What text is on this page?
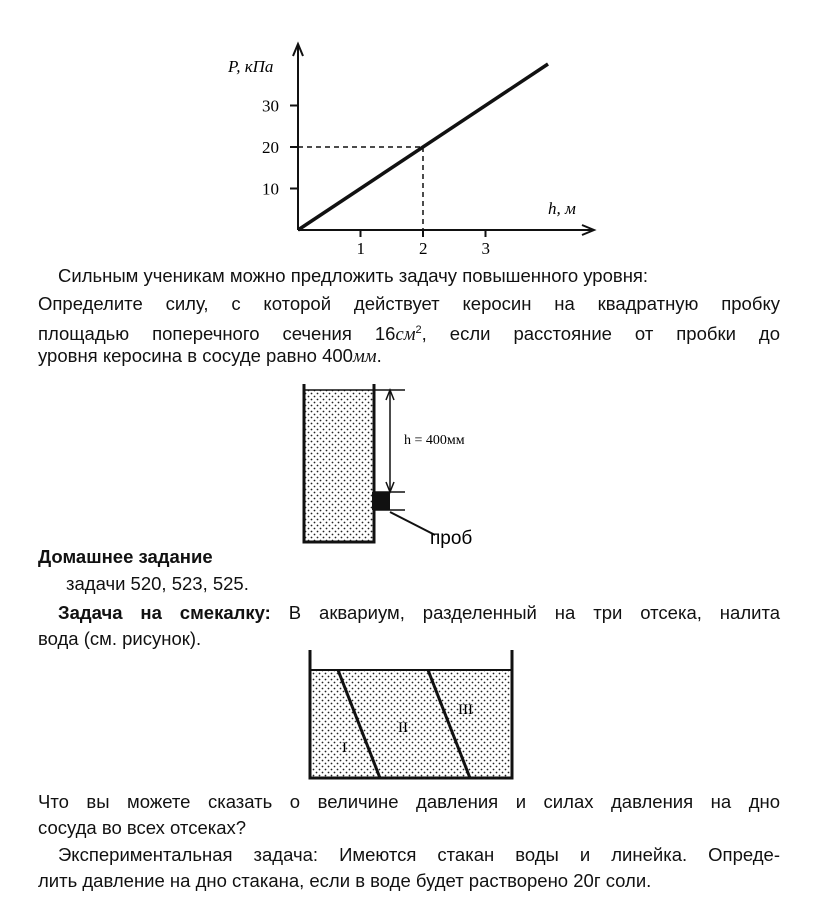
P, кПа
h, м
10
20
30
1	2	3
Сильным ученикам можно предложить задачу повышенного уровня:
Определите силу, с которой действует керосин на квадратную пробку
площадью поперечного сечения $16см^2$, если расстояние от пробки до
уровня керосина в сосуде равно 400мм.
h = 400мм
проб
Домашнее задание
задачи 520, 523, 525.
Задача на смекалку: В аквариум, разделенный на три отсека, налита
вода (см. рисунок).
I
II
III
Что вы можете сказать о величине давления и силах давления на дно
сосуда во всех отсеках?
Экспериментальная задача: Имеются стакан воды и линейка. Опреде-
лить давление на дно стакана, если в воде будет растворено 20г соли.
